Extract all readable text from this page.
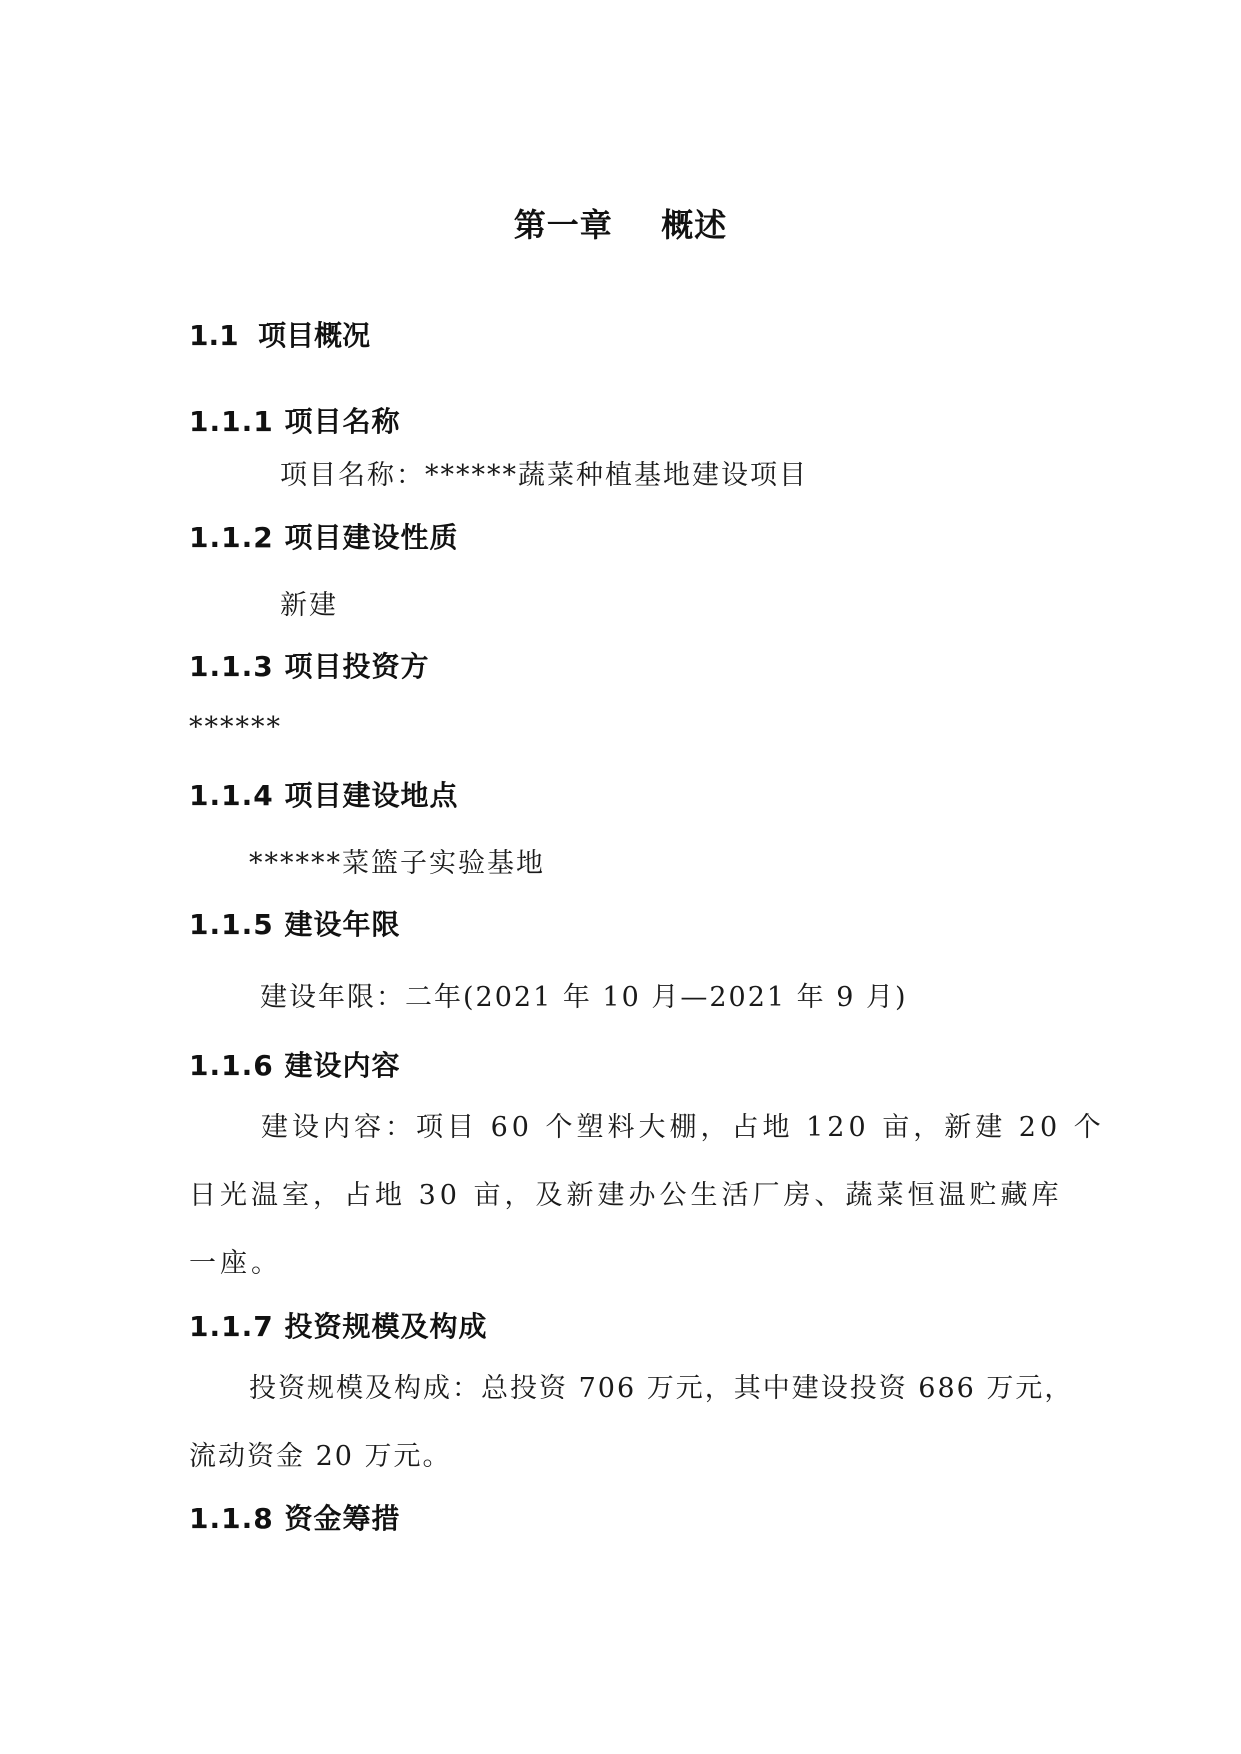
第一章    概述
1.1  项目概况
1.1.1 项目名称
项目名称：******蔬菜种植基地建设项目
1.1.2 项目建设性质
新建
1.1.3 项目投资方
******
1.1.4 项目建设地点
******菜篮子实验基地
1.1.5 建设年限
建设年限：二年(2021 年 10 月—2021 年 9 月)
1.1.6 建设内容
建设内容：项目 60 个塑料大棚，占地 120 亩，新建 20 个
日光温室，占地 30 亩，及新建办公生活厂房、蔬菜恒温贮藏库
一座。
1.1.7 投资规模及构成
投资规模及构成：总投资 706 万元，其中建设投资 686 万元，
流动资金 20 万元。
1.1.8 资金筹措
